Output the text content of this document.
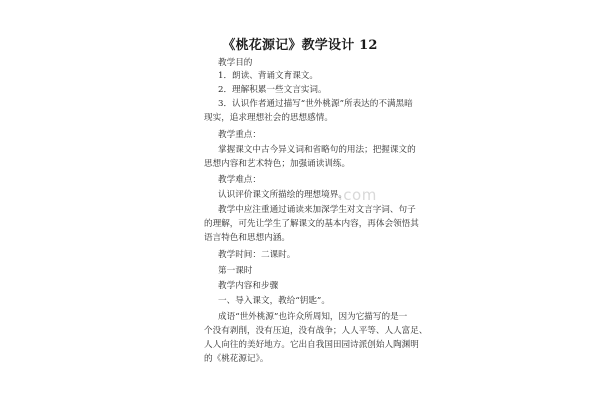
《桃花源记》教学设计 12
教学目的
1．朗读、背诵文育课文。
2．理解积累一些文言实词。
3．认识作者通过描写“世外桃源”所表达的不满黑暗
现实，追求理想社会的思想感情。
教学重点：
掌握课文中古今异义词和省略句的用法；把握课文的
思想内容和艺术特色；加强诵读训练。
教学难点：
认识评价课文所描绘的理想境界。
教学中应注重通过诵读来加深学生对文言字词、句子
的理解，可先让学生了解课文的基本内容，再体会领悟其
语言特色和思想内涵。
教学时间：二课时。
第一课时
教学内容和步骤
一、导入课文，教给“钥匙”。
成语“世外桃源”也许众所周知，因为它描写的是一
个没有剥削，没有压迫，没有战争；人人平等、人人富足、
人人向往的美好地方。它出自我国田园诗派创始人陶渊明
的《桃花源记》。
.com
